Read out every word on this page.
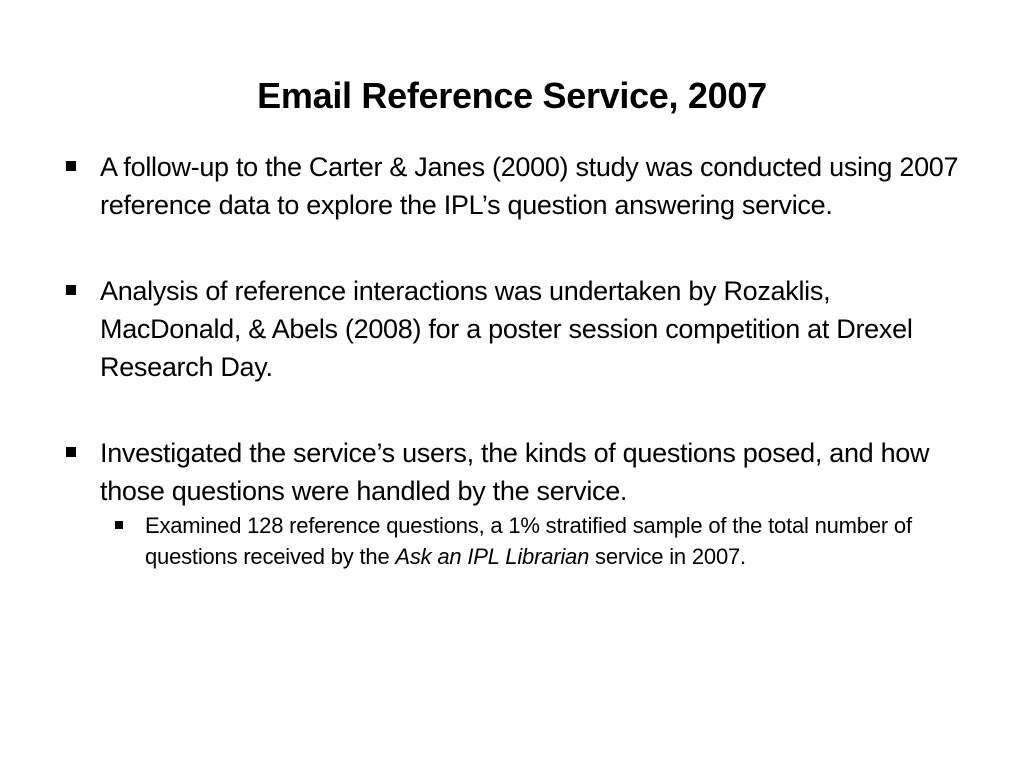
Email Reference Service, 2007
A follow-up to the Carter & Janes (2000) study was conducted using 2007 reference data to explore the IPL’s question answering service.
Analysis of reference interactions was undertaken by Rozaklis, MacDonald, & Abels (2008) for a poster session competition at Drexel Research Day.
Investigated the service’s users, the kinds of questions posed, and how those questions were handled by the service.
Examined 128 reference questions, a 1% stratified sample of the total number of questions received by the Ask an IPL Librarian service in 2007.
